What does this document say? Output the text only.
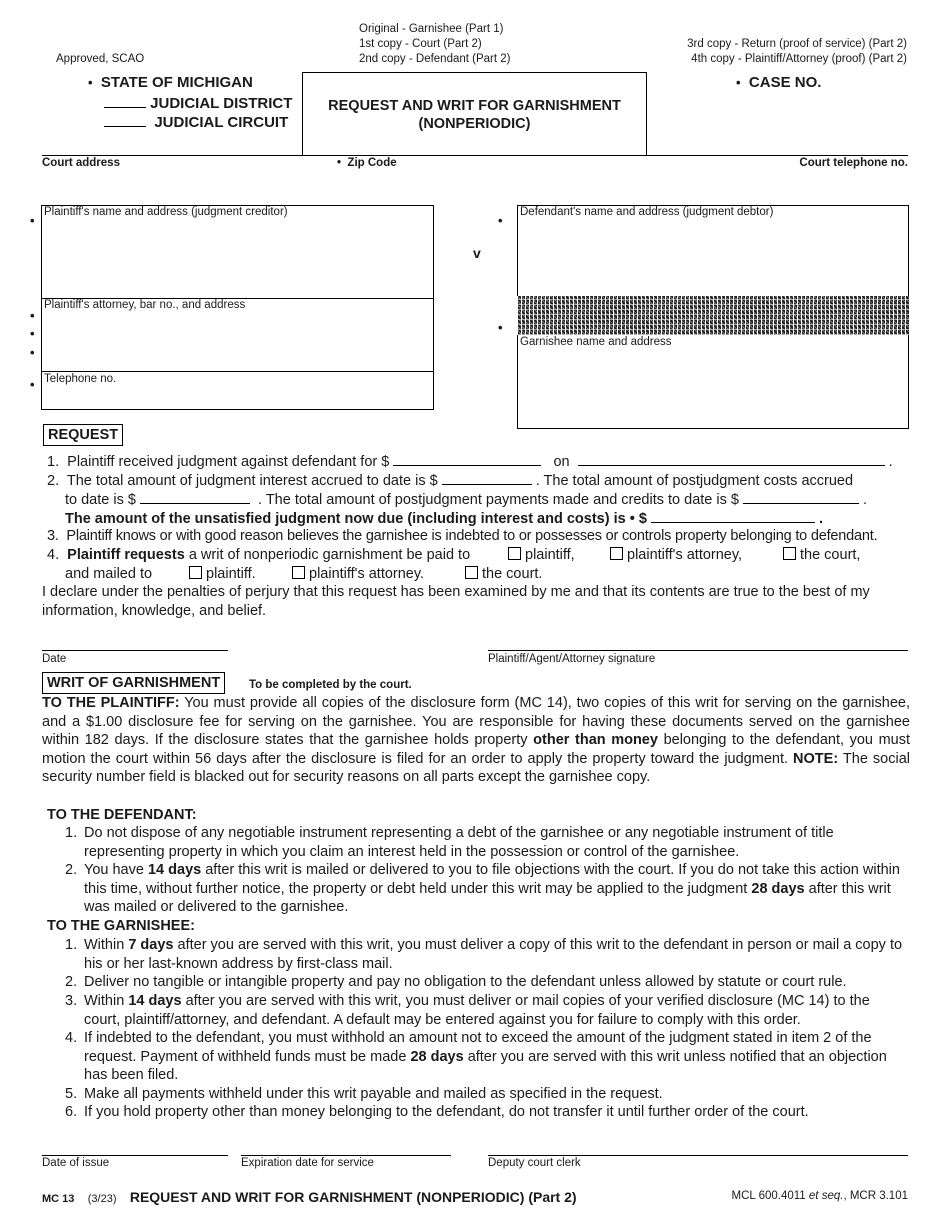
Approved, SCAO
Original - Garnishee (Part 1)
1st copy - Court (Part 2)
2nd copy - Defendant (Part 2)
3rd copy - Return (proof of service) (Part 2)
4th copy - Plaintiff/Attorney (proof) (Part 2)
• STATE OF MICHIGAN
JUDICIAL DISTRICT
JUDICIAL CIRCUIT
REQUEST AND WRIT FOR GARNISHMENT
(NONPERIODIC)
• CASE NO.
Court address	• Zip Code	Court telephone no.
Plaintiff's name and address (judgment creditor)
Plaintiff's attorney, bar no., and address
Telephone no.
•
•
•
•
•
v
Defendant's name and address (judgment debtor)
Garnishee name and address
•
•
REQUEST
1. Plaintiff received judgment against defendant for $	on	.
2. The total amount of judgment interest accrued to date is $	. The total amount of postjudgment costs accrued
to date is $	. The total amount of postjudgment payments made and credits to date is $	.
The amount of the unsatisfied judgment now due (including interest and costs) is • $	.
3. Plaintiff knows or with good reason believes the garnishee is indebted to or possesses or controls property belonging to defendant.
4. Plaintiff requests a writ of nonperiodic garnishment be paid to	plaintiff,	plaintiff's attorney,	the court,
and mailed to	plaintiff.	plaintiff's attorney.	the court.
I declare under the penalties of perjury that this request has been examined by me and that its contents are true to the best of my information, knowledge, and belief.
Date	Plaintiff/Agent/Attorney signature
WRIT OF GARNISHMENT	To be completed by the court.
TO THE PLAINTIFF: You must provide all copies of the disclosure form (MC 14), two copies of this writ for serving on the garnishee, and a $1.00 disclosure fee for serving on the garnishee. You are responsible for having these documents served on the garnishee within 182 days. If the disclosure states that the garnishee holds property other than money belonging to the defendant, you must motion the court within 56 days after the disclosure is filed for an order to apply the property toward the judgment. NOTE: The social security number field is blacked out for security reasons on all parts except the garnishee copy.
TO THE DEFENDANT:
1. Do not dispose of any negotiable instrument representing a debt of the garnishee or any negotiable instrument of title representing property in which you claim an interest held in the possession or control of the garnishee.
2. You have 14 days after this writ is mailed or delivered to you to file objections with the court. If you do not take this action within this time, without further notice, the property or debt held under this writ may be applied to the judgment 28 days after this writ was mailed or delivered to the garnishee.
TO THE GARNISHEE:
1. Within 7 days after you are served with this writ, you must deliver a copy of this writ to the defendant in person or mail a copy to his or her last-known address by first-class mail.
2. Deliver no tangible or intangible property and pay no obligation to the defendant unless allowed by statute or court rule.
3. Within 14 days after you are served with this writ, you must deliver or mail copies of your verified disclosure (MC 14) to the court, plaintiff/attorney, and defendant. A default may be entered against you for failure to comply with this order.
4. If indebted to the defendant, you must withhold an amount not to exceed the amount of the judgment stated in item 2 of the request. Payment of withheld funds must be made 28 days after you are served with this writ unless notified that an objection has been filed.
5. Make all payments withheld under this writ payable and mailed as specified in the request.
6. If you hold property other than money belonging to the defendant, do not transfer it until further order of the court.
Date of issue	Expiration date for service	Deputy court clerk
MC 13 (3/23) REQUEST AND WRIT FOR GARNISHMENT (NONPERIODIC) (Part 2)	MCL 600.4011 et seq., MCR 3.101
